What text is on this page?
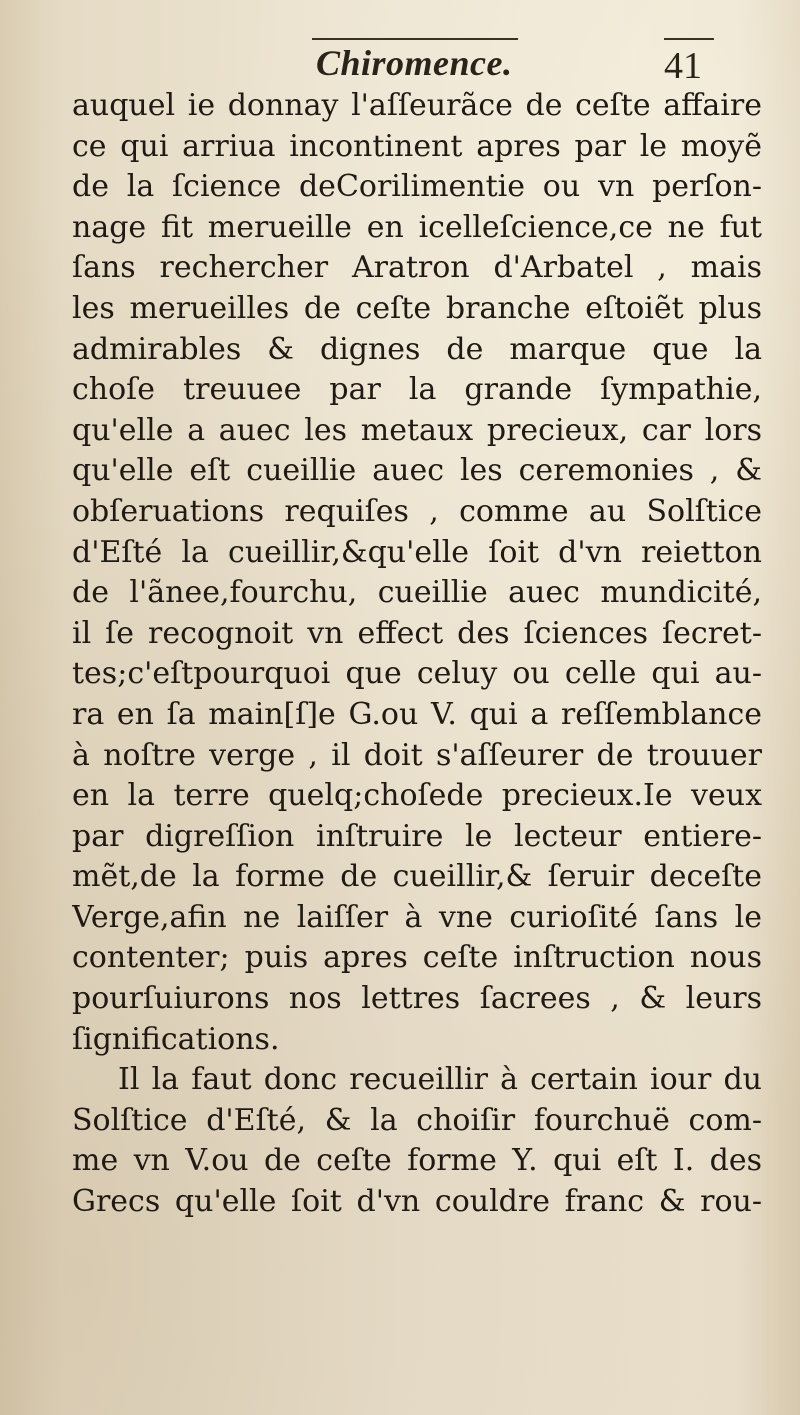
Chiromence.	41
auquel ie donnay l'aſſeurãce de ceſte affaire
ce qui arriua incontinent apres par le moyẽ
de la ſcience deCorilimentie ou vn perſon-
nage fit merueille en icelleſcience,ce ne fut
ſans rechercher Aratron d'Arbatel , mais
les merueilles de ceſte branche eſtoiẽt plus
admirables & dignes de marque que la
choſe treuuee par la grande ſympathie,
qu'elle a auec les metaux precieux, car lors
qu'elle eſt cueillie auec les ceremonies , &
obſeruations requiſes , comme au Solſtice
d'Eſté la cueillir,&qu'elle ſoit d'vn reietton
de l'ãnee,fourchu, cueillie auec mundicité,
il ſe recognoit vn effect des ſciences ſecret-
tes;c'eſtpourquoi que celuy ou celle qui au-
ra en ſa main[ſ]e G.ou V. qui a reſſemblance
à noſtre verge , il doit s'aſſeurer de trouuer
en la terre quelq;choſede precieux.Ie veux
par digreſſion inſtruire le lecteur entiere-
mẽt,de la forme de cueillir,& ſeruir deceſte
Verge,afin ne laiſſer à vne curioſité ſans le
contenter; puis apres ceſte inſtruction nous
pourſuiurons nos lettres ſacrees , & leurs
ſignifications.
Il la faut donc recueillir à certain iour du
Solſtice d'Eſté, & la choiſir fourchuë com-
me vn V.ou de ceſte forme Y. qui eſt I. des
Grecs qu'elle ſoit d'vn couldre franc & rou-
